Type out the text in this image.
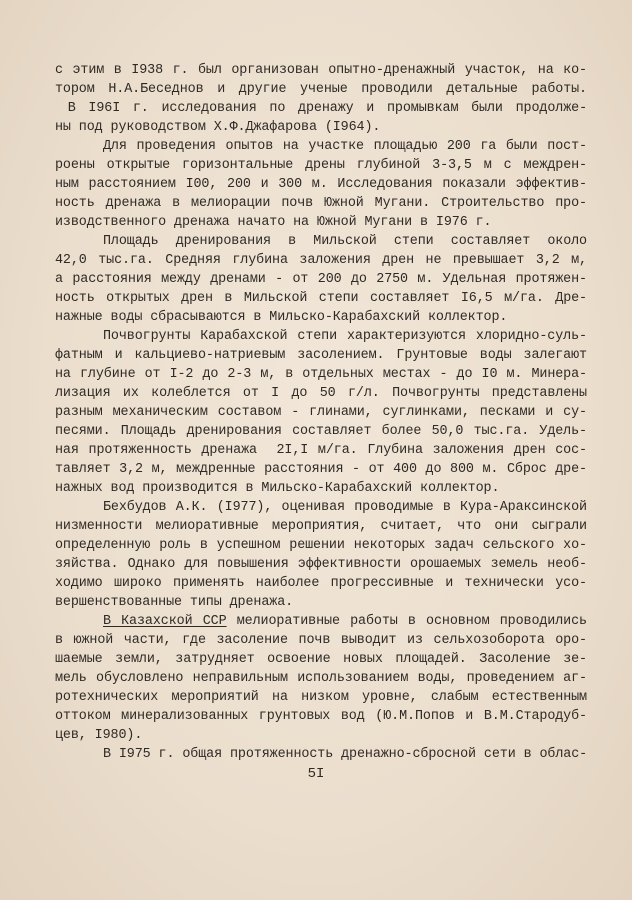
с этим в I938 г. был организован опытно-дренажный участок, на ко-
тором Н.А.Беседнов и другие ученые проводили детальные работы.
В I96I г. исследования по дренажу и промывкам были продолже-
ны под руководством Х.Ф.Джафарова (I964).
Для проведения опытов на участке площадью 200 га были пост-
роены открытые горизонтальные дрены глубиной 3-3,5 м с междрен-
ным расстоянием I00, 200 и 300 м. Исследования показали эффектив-
ность дренажа в мелиорации почв Южной Мугани. Строительство про-
изводственного дренажа начато на Южной Мугани в I976 г.
Площадь дренирования в Мильской степи составляет около
42,0 тыс.га. Средняя глубина заложения дрен не превышает 3,2 м,
а расстояния между дренами - от 200 до 2750 м. Удельная протяжен-
ность открытых дрен в Мильской степи составляет I6,5 м/га. Дре-
нажные воды сбрасываются в Мильско-Карабахский коллектор.
Почвогрунты Карабахской степи характеризуются хлоридно-суль-
фатным и кальциево-натриевым засолением. Грунтовые воды залегают
на глубине от I-2 до 2-3 м, в отдельных местах - до I0 м. Минера-
лизация их колеблется от I до 50 г/л. Почвогрунты представлены
разным механическим составом - глинами, суглинками, песками и су-
песями. Площадь дренирования составляет более 50,0 тыс.га. Удель-
ная протяженность дренажа  2I,I м/га. Глубина заложения дрен сос-
тавляет 3,2 м, междренные расстояния - от 400 до 800 м. Сброс дре-
нажных вод производится в Мильско-Карабахский коллектор.
Бехбудов А.К. (I977), оценивая проводимые в Кура-Араксинской
низменности мелиоративные мероприятия, считает, что они сыграли
определенную роль в успешном решении некоторых задач сельского хо-
зяйства. Однако для повышения эффективности орошаемых земель необ-
ходимо широко применять наиболее прогрессивные и технически усо-
вершенствованные типы дренажа.
В Казахской ССР мелиоративные работы в основном проводились
в южной части, где засоление почв выводит из сельхозоборота оро-
шаемые земли, затрудняет освоение новых площадей. Засоление зе-
мель обусловлено неправильным использованием воды, проведением аг-
ротехнических мероприятий на низком уровне, слабым естественным
оттоком минерализованных грунтовых вод (Ю.М.Попов и В.М.Стародуб-
цев, I980).
В I975 г. общая протяженность дренажно-сбросной сети в облас-
5I
